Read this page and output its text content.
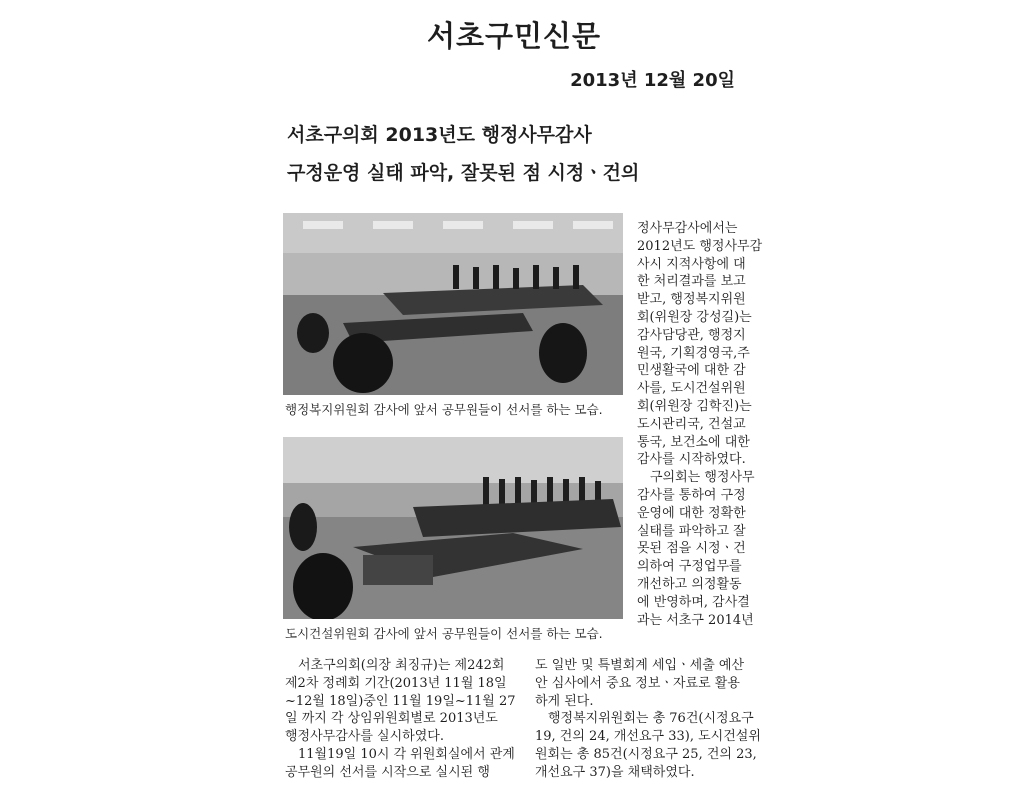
서초구민신문
2013년 12월 20일
서초구의회 2013년도 행정사무감사
구정운영 실태 파악, 잘못된 점 시정ㆍ건의
행정복지위원회 감사에 앞서 공무원들이 선서를 하는 모습.
도시건설위원회 감사에 앞서 공무원들이 선서를 하는 모습.

정사무감사에서는

2012년도 행정사무감

사시 지적사항에 대

한 처리결과를 보고

받고, 행정복지위원

회(위원장 강성길)는

감사담당관, 행정지

원국, 기획경영국,주

민생활국에 대한 감

사를, 도시건설위원

회(위원장 김학진)는

도시관리국, 건설교

통국, 보건소에 대한

감사를 시작하였다.

구의회는 행정사무

감사를 통하여 구정

운영에 대한 정확한

실태를 파악하고 잘

못된 점을 시정ㆍ건

의하여 구정업무를

개선하고 의정활동

에 반영하며, 감사결

과는 서초구 2014년

서초구의회(의장 최징규)는 제242회

제2차 정례회 기간(2013년 11월 18일

~12월 18일)중인 11월 19일~11월 27

일 까지 각 상임위원회별로 2013년도

행정사무감사를 실시하였다.

11월19일 10시 각 위원회실에서 관계

공무원의 선서를 시작으로 실시된 행

도 일반 및 특별회계 세입ㆍ세출 예산

안 심사에서 중요 정보ㆍ자료로 활용

하게 된다.

행정복지위원회는 총 76건(시정요구

19, 건의 24, 개선요구 33), 도시건설위

원회는 총 85건(시정요구 25, 건의 23,

개선요구 37)을 채택하였다.
